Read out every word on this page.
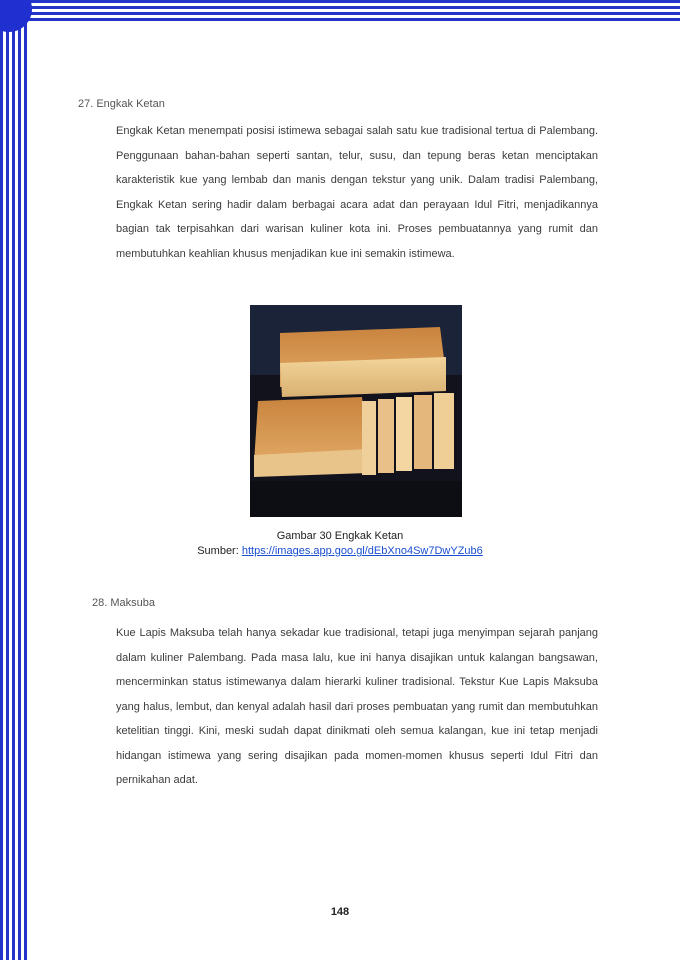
27. Engkak Ketan

Engkak Ketan menempati posisi istimewa sebagai salah satu kue tradisional tertua di Palembang. Penggunaan bahan-bahan seperti santan, telur, susu, dan tepung beras ketan menciptakan karakteristik kue yang lembab dan manis dengan tekstur yang unik. Dalam tradisi Palembang, Engkak Ketan sering hadir dalam berbagai acara adat dan perayaan Idul Fitri, menjadikannya bagian tak terpisahkan dari warisan kuliner kota ini. Proses pembuatannya yang rumit dan membutuhkan keahlian khusus menjadikan kue ini semakin istimewa.

Gambar 30 Engkak Ketan
Sumber: https://images.app.goo.gl/dEbXno4Sw7DwYZub6
28. Maksuba

Kue Lapis Maksuba telah hanya sekadar kue tradisional, tetapi juga menyimpan sejarah panjang dalam kuliner Palembang. Pada masa lalu, kue ini hanya disajikan untuk kalangan bangsawan, mencerminkan status istimewanya dalam hierarki kuliner tradisional. Tekstur Kue Lapis Maksuba yang halus, lembut, dan kenyal adalah hasil dari proses pembuatan yang rumit dan membutuhkan ketelitian tinggi. Kini, meski sudah dapat dinikmati oleh semua kalangan, kue ini tetap menjadi hidangan istimewa yang sering disajikan pada momen-momen khusus seperti Idul Fitri dan pernikahan adat.

148
